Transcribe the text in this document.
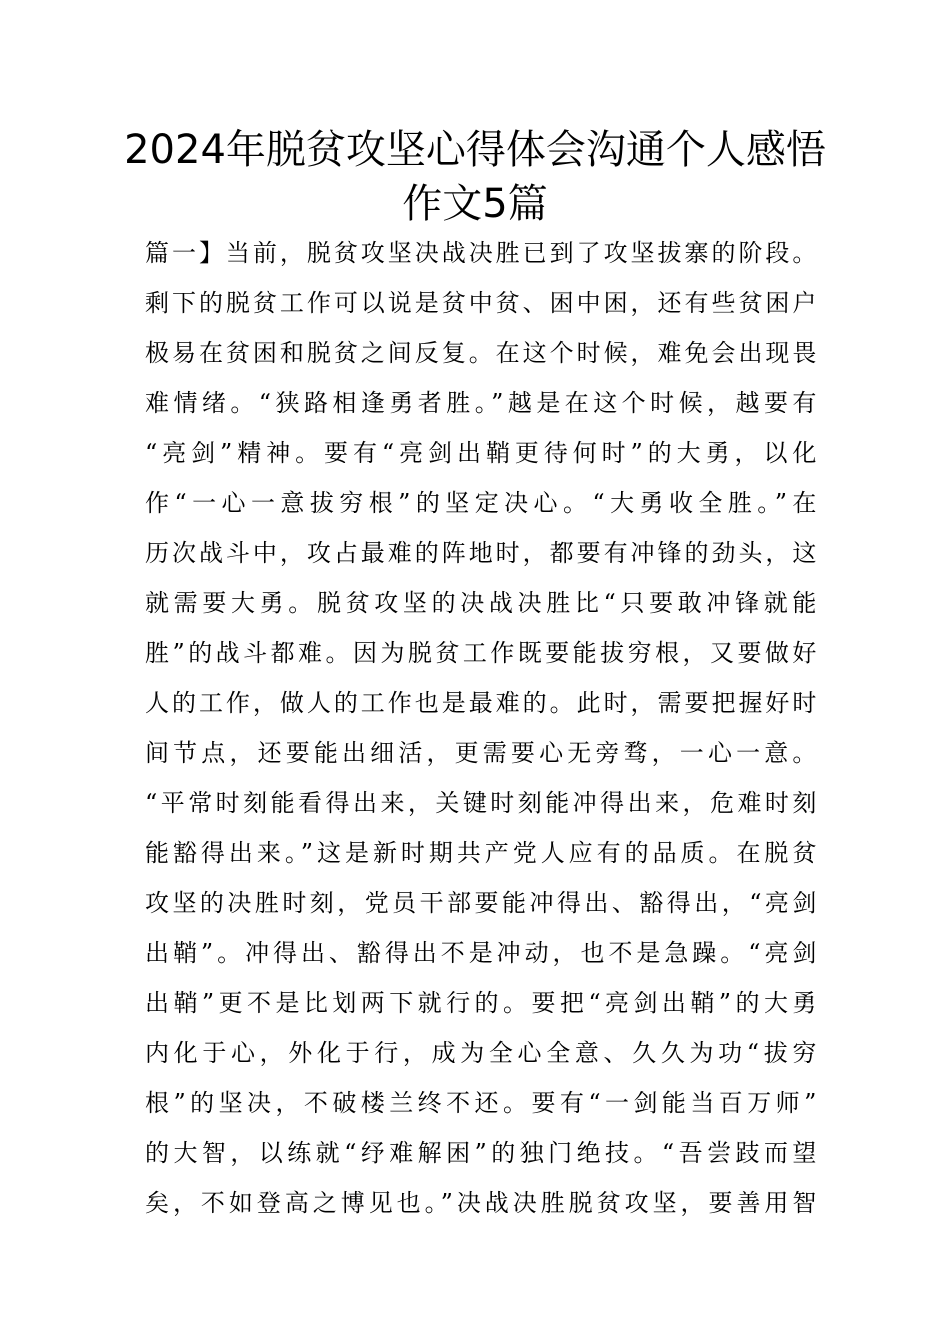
2024年脱贫攻坚心得体会沟通个人感悟
作文5篇
篇一】当前，脱贫攻坚决战决胜已到了攻坚拔寨的阶段。
剩下的脱贫工作可以说是贫中贫、困中困，还有些贫困户
极易在贫困和脱贫之间反复。在这个时候，难免会出现畏
难情绪。“狭路相逢勇者胜。”越是在这个时候，越要有
“亮剑”精神。要有“亮剑出鞘更待何时”的大勇，以化
作“一心一意拔穷根”的坚定决心。“大勇收全胜。”在
历次战斗中，攻占最难的阵地时，都要有冲锋的劲头，这
就需要大勇。脱贫攻坚的决战决胜比“只要敢冲锋就能
胜”的战斗都难。因为脱贫工作既要能拔穷根，又要做好
人的工作，做人的工作也是最难的。此时，需要把握好时
间节点，还要能出细活，更需要心无旁骛，一心一意。
“平常时刻能看得出来，关键时刻能冲得出来，危难时刻
能豁得出来。”这是新时期共产党人应有的品质。在脱贫
攻坚的决胜时刻，党员干部要能冲得出、豁得出，“亮剑
出鞘”。冲得出、豁得出不是冲动，也不是急躁。“亮剑
出鞘”更不是比划两下就行的。要把“亮剑出鞘”的大勇
内化于心，外化于行，成为全心全意、久久为功“拔穷
根”的坚决，不破楼兰终不还。要有“一剑能当百万师”
的大智，以练就“纾难解困”的独门绝技。“吾尝跂而望
矣，不如登高之博见也。”决战决胜脱贫攻坚，要善用智
